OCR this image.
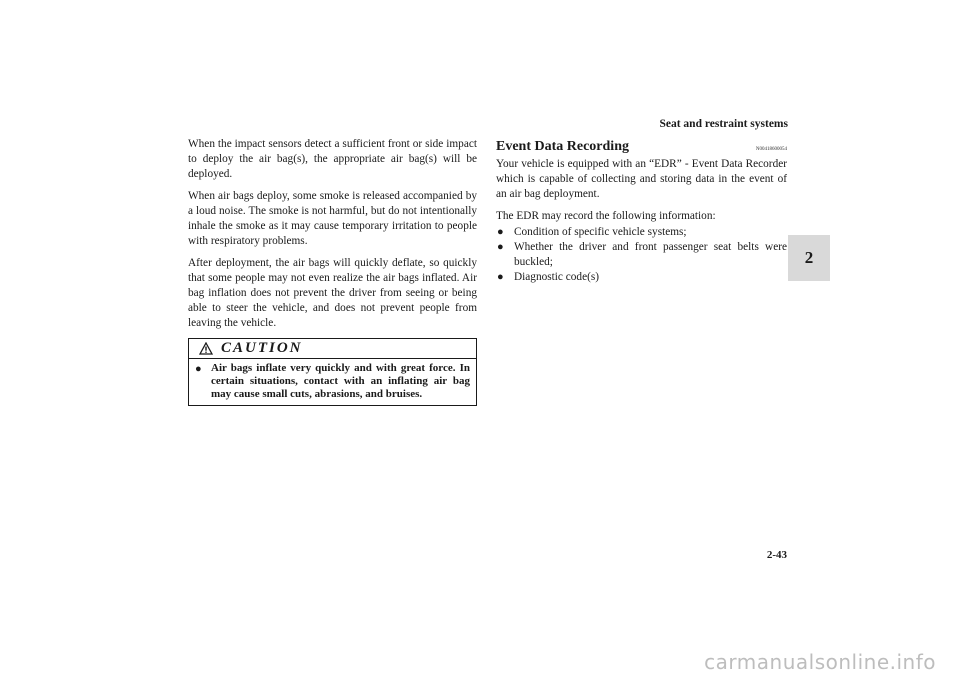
Seat and restraint systems
2

When the impact sensors detect a sufficient front or side impact to deploy the air bag(s), the appropriate air bag(s) will be deployed.

When air bags deploy, some smoke is released accompanied by a loud noise. The smoke is not harmful, but do not intentionally inhale the smoke as it may cause temporary irritation to people with respiratory problems.

After deployment, the air bags will quickly deflate, so quickly that some people may not even realize the air bags inflated. Air bag inflation does not prevent the driver from seeing or being able to steer the vehicle, and does not prevent people from leaving the vehicle.

CAUTION
● Air bags inflate very quickly and with great force. In certain situations, contact with an inflating air bag may cause small cuts, abrasions, and bruises.
Event Data Recording	N00418600054

Your vehicle is equipped with an “EDR” - Event Data Recorder which is capable of collecting and storing data in the event of an air bag deployment.

The EDR may record the following information:

● Condition of specific vehicle systems;
● Whether the driver and front passenger seat belts were buckled;
● Diagnostic code(s)
2-43
carmanualsonline.info
